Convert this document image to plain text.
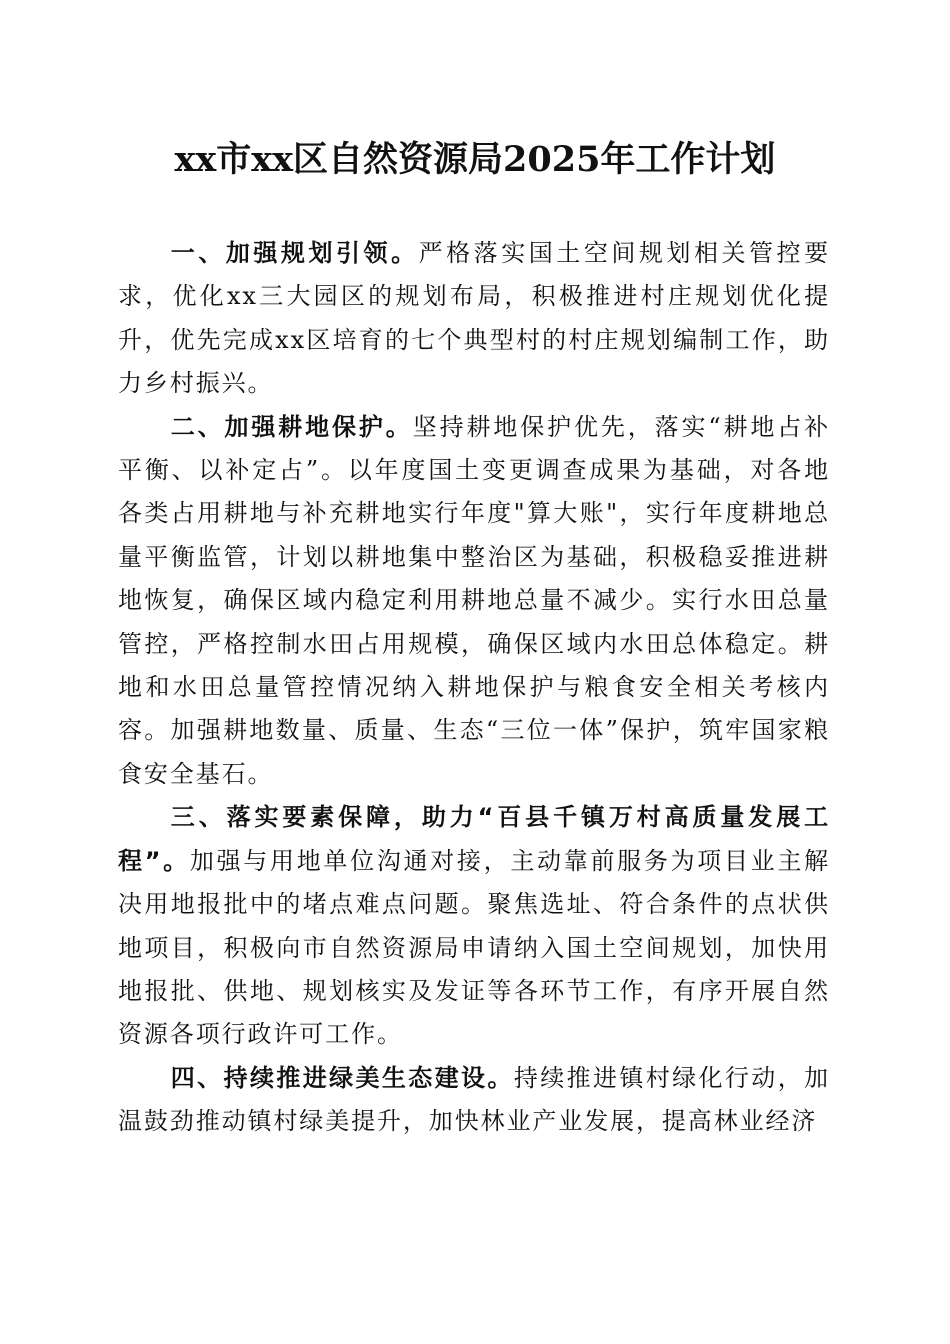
xx市xx区自然资源局2025年工作计划

一、加强规划引领。严格落实国土空间规划相关管控要求，优化xx三大园区的规划布局，积极推进村庄规划优化提升，优先完成xx区培育的七个典型村的村庄规划编制工作，助力乡村振兴。

二、加强耕地保护。坚持耕地保护优先，落实“耕地占补平衡、以补定占”。以年度国土变更调查成果为基础，对各地各类占用耕地与补充耕地实行年度"算大账"，实行年度耕地总量平衡监管，计划以耕地集中整治区为基础，积极稳妥推进耕地恢复，确保区域内稳定利用耕地总量不减少。实行水田总量管控，严格控制水田占用规模，确保区域内水田总体稳定。耕地和水田总量管控情况纳入耕地保护与粮食安全相关考核内容。加强耕地数量、质量、生态“三位一体”保护，筑牢国家粮食安全基石。

三、落实要素保障，助力“百县千镇万村高质量发展工程”。加强与用地单位沟通对接，主动靠前服务为项目业主解决用地报批中的堵点难点问题。聚焦选址、符合条件的点状供地项目，积极向市自然资源局申请纳入国土空间规划，加快用地报批、供地、规划核实及发证等各环节工作，有序开展自然资源各项行政许可工作。

四、持续推进绿美生态建设。持续推进镇村绿化行动，加温鼓劲推动镇村绿美提升，加快林业产业发展，提高林业经济
